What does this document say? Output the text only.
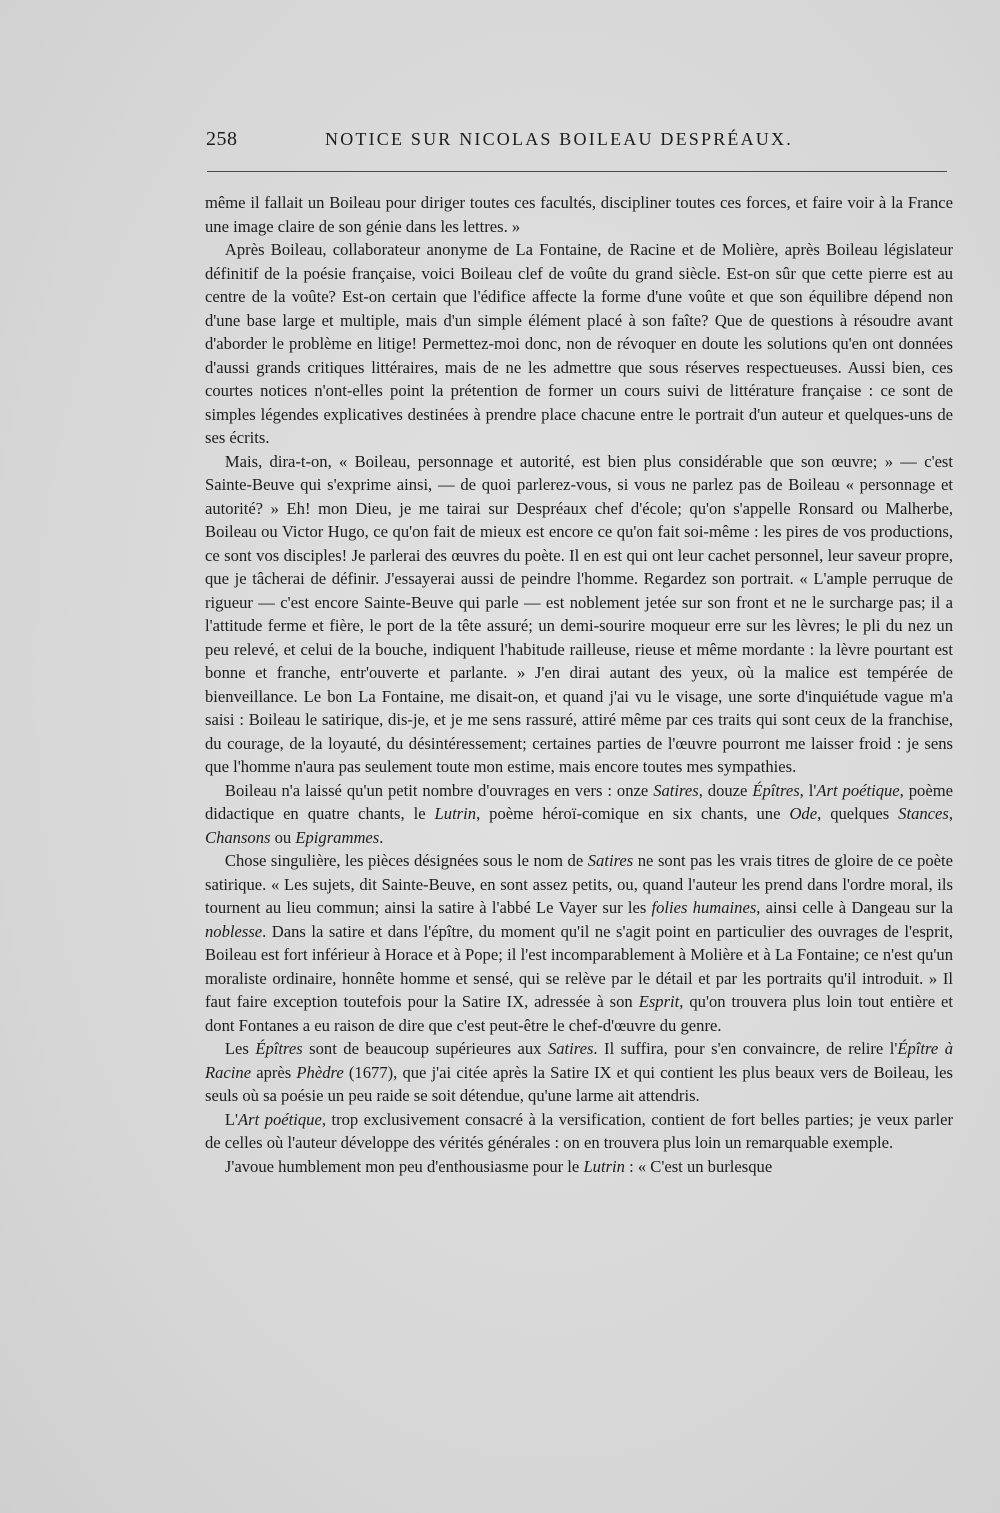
258	NOTICE SUR NICOLAS BOILEAU DESPRÉAUX.

même il fallait un Boileau pour diriger toutes ces facultés, discipliner toutes ces forces, et faire voir à la France une image claire de son génie dans les lettres. »

Après Boileau, collaborateur anonyme de La Fontaine, de Racine et de Molière, après Boileau législateur définitif de la poésie française, voici Boileau clef de voûte du grand siècle. Est-on sûr que cette pierre est au centre de la voûte? Est-on certain que l'édifice affecte la forme d'une voûte et que son équilibre dépend non d'une base large et multiple, mais d'un simple élément placé à son faîte? Que de questions à résoudre avant d'aborder le problème en litige! Permettez-moi donc, non de révoquer en doute les solutions qu'en ont données d'aussi grands critiques littéraires, mais de ne les admettre que sous réserves respectueuses. Aussi bien, ces courtes notices n'ont-elles point la prétention de former un cours suivi de littérature française : ce sont de simples légendes explicatives destinées à prendre place chacune entre le portrait d'un auteur et quelques-uns de ses écrits.

Mais, dira-t-on, « Boileau, personnage et autorité, est bien plus considérable que son œuvre; » — c'est Sainte-Beuve qui s'exprime ainsi, — de quoi parlerez-vous, si vous ne parlez pas de Boileau « personnage et autorité? » Eh! mon Dieu, je me tairai sur Despréaux chef d'école; qu'on s'appelle Ronsard ou Malherbe, Boileau ou Victor Hugo, ce qu'on fait de mieux est encore ce qu'on fait soi-même : les pires de vos productions, ce sont vos disciples! Je parlerai des œuvres du poète. Il en est qui ont leur cachet personnel, leur saveur propre, que je tâcherai de définir. J'essayerai aussi de peindre l'homme. Regardez son portrait. « L'ample perruque de rigueur — c'est encore Sainte-Beuve qui parle — est noblement jetée sur son front et ne le surcharge pas; il a l'attitude ferme et fière, le port de la tête assuré; un demi-sourire moqueur erre sur les lèvres; le pli du nez un peu relevé, et celui de la bouche, indiquent l'habitude railleuse, rieuse et même mordante : la lèvre pourtant est bonne et franche, entr'ouverte et parlante. » J'en dirai autant des yeux, où la malice est tempérée de bienveillance. Le bon La Fontaine, me disait-on, et quand j'ai vu le visage, une sorte d'inquiétude vague m'a saisi : Boileau le satirique, dis-je, et je me sens rassuré, attiré même par ces traits qui sont ceux de la franchise, du courage, de la loyauté, du désintéressement; certaines parties de l'œuvre pourront me laisser froid : je sens que l'homme n'aura pas seulement toute mon estime, mais encore toutes mes sympathies.

Boileau n'a laissé qu'un petit nombre d'ouvrages en vers : onze Satires, douze Épîtres, l'Art poétique, poème didactique en quatre chants, le Lutrin, poème héroï-comique en six chants, une Ode, quelques Stances, Chansons ou Epigrammes.

Chose singulière, les pièces désignées sous le nom de Satires ne sont pas les vrais titres de gloire de ce poète satirique. « Les sujets, dit Sainte-Beuve, en sont assez petits, ou, quand l'auteur les prend dans l'ordre moral, ils tournent au lieu commun; ainsi la satire à l'abbé Le Vayer sur les folies humaines, ainsi celle à Dangeau sur la noblesse. Dans la satire et dans l'épître, du moment qu'il ne s'agit point en particulier des ouvrages de l'esprit, Boileau est fort inférieur à Horace et à Pope; il l'est incomparablement à Molière et à La Fontaine; ce n'est qu'un moraliste ordinaire, honnête homme et sensé, qui se relève par le détail et par les portraits qu'il introduit. » Il faut faire exception toutefois pour la Satire IX, adressée à son Esprit, qu'on trouvera plus loin tout entière et dont Fontanes a eu raison de dire que c'est peut-être le chef-d'œuvre du genre.

Les Épîtres sont de beaucoup supérieures aux Satires. Il suffira, pour s'en convaincre, de relire l'Épître à Racine après Phèdre (1677), que j'ai citée après la Satire IX et qui contient les plus beaux vers de Boileau, les seuls où sa poésie un peu raide se soit détendue, qu'une larme ait attendris.

L'Art poétique, trop exclusivement consacré à la versification, contient de fort belles parties; je veux parler de celles où l'auteur développe des vérités générales : on en trouvera plus loin un remarquable exemple.

J'avoue humblement mon peu d'enthousiasme pour le Lutrin : « C'est un burlesque
